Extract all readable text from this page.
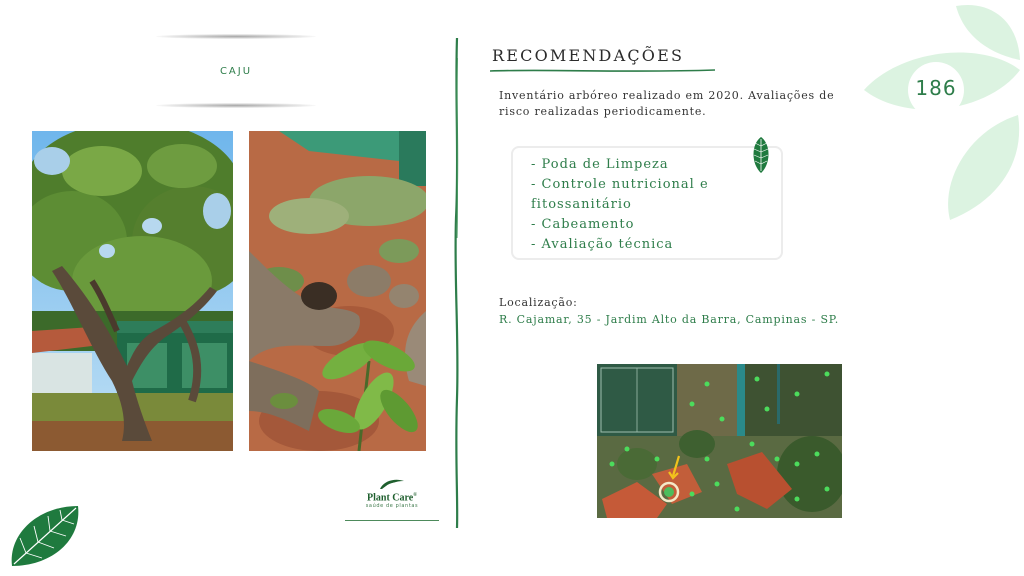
CAJU
Plant Care®
saúde de plantas
RECOMENDAÇÕES
Inventário arbóreo realizado em 2020. Avaliações de risco realizadas periodicamente.
- Poda de Limpeza
- Controle nutricional e
fitossanitário
- Cabeamento
- Avaliação técnica
Localização:
R. Cajamar, 35 - Jardim Alto da Barra, Campinas - SP.
186
